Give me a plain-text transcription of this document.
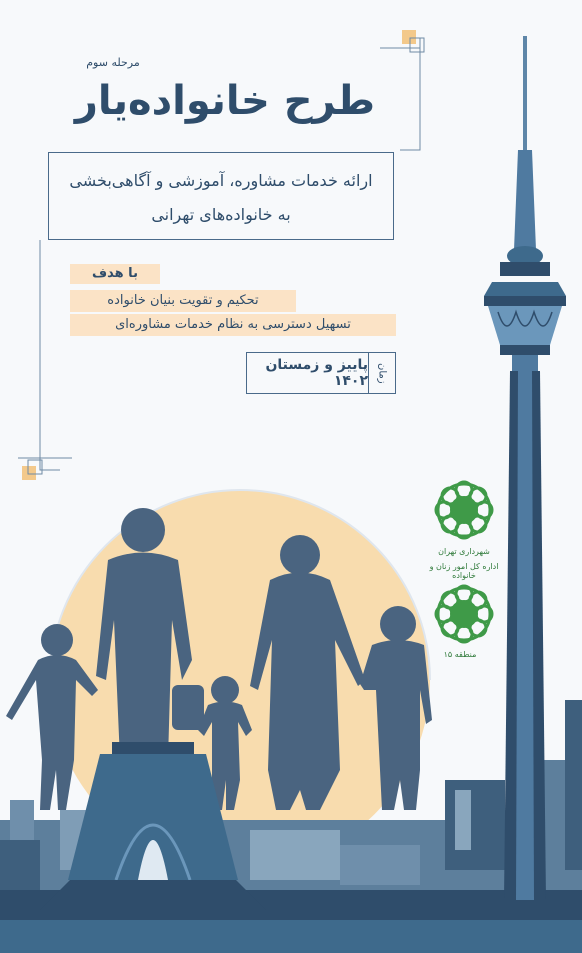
مرحله سوم
طرح خانواده‌یار
ارائه خدمات مشاوره، آموزشی و آگاهی‌بخشی
به خانواده‌های تهرانی
با هدف
تحکیم و تقویت بنیان خانواده
تسهیل دسترسی به نظام خدمات مشاوره‌ای
زمان
پاییز و زمستان ۱۴۰۲
شهرداری تهران
اداره کل امور زنان و خانواده
منطقه ۱۵
